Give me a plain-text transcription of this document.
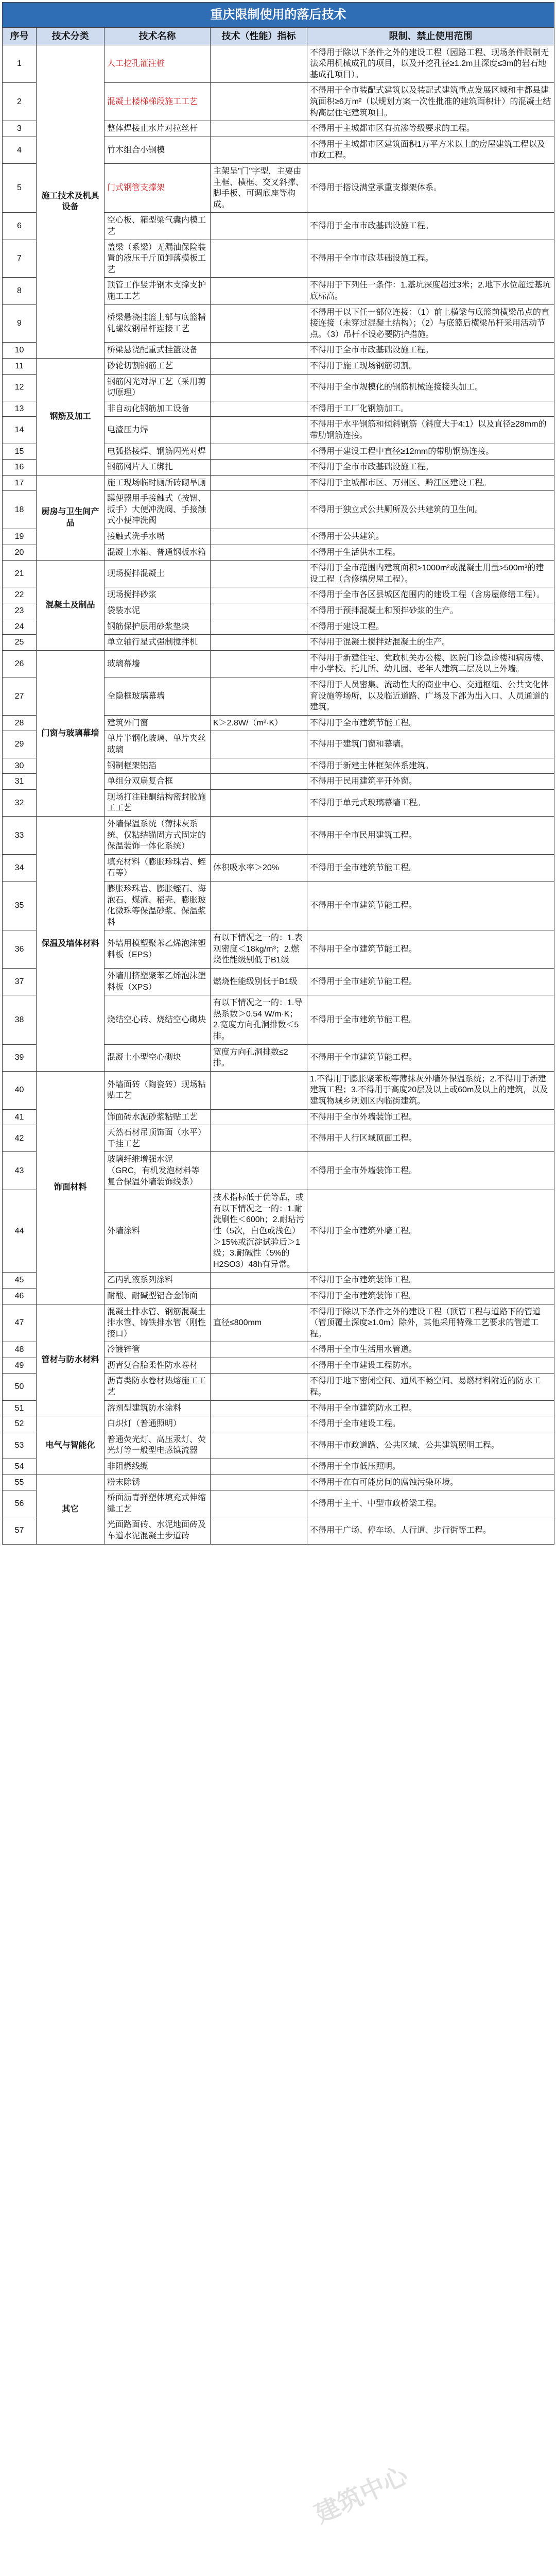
重庆限制使用的落后技术				
序号	技术分类	技术名称	技术（性能）指标	限制、禁止使用范围
1	施工技术及机具设备	人工挖孔灌注桩		不得用于除以下条件之外的建设工程（园路工程、现场条件限制无法采用机械成孔的项目，以及开挖孔径≥1.2m且深度≤3m的岩石地基成孔项目）。
2		混凝土楼梯梯段施工工艺		不得用于全市装配式建筑以及装配式建筑重点发展区域和丰都县建筑面积≥6万m²（以规划方案一次性批准的建筑面积计）的混凝土结构高层住宅建筑项目。
3		整体焊接止水片对拉丝杆		不得用于主城都市区有抗渗等级要求的工程。
4		竹木组合小钢模		不得用于主城都市区建筑面积1万平方米以上的房屋建筑工程以及市政工程。
5		门式钢管支撑架	主架呈"门"字型，主要由主框、横框、交叉斜撑、脚手板、可调底座等构成。	不得用于搭设满堂承重支撑架体系。
6		空心板、箱型梁气囊内模工艺		不得用于全市市政基础设施工程。
7		盖梁（系梁）无漏油保险装置的液压千斤顶卸落模板工艺		不得用于全市市政基础设施工程。
8		顶管工作竖井钢木支撑支护施工工艺		不得用于下列任一条件：1.基坑深度超过3米；2.地下水位超过基坑底标高。
9		桥梁悬浇挂篮上部与底篮精轧螺纹钢吊杆连接工艺		不得用于以下任一部位连接：（1）前上横梁与底篮前横梁吊点的直接连接（未穿过混凝土结构）；（2）与底篮后横梁吊杆采用活动节点。（3）吊杆不设必要防护措施。
10		桥梁悬浇配重式挂篮设备		不得用于全市市政基础设施工程。
11	钢筋及加工	砂轮切割钢筋工艺		不得用于施工现场钢筋切割。
12		钢筋闪光对焊工艺（采用剪切原理）		不得用于全市规模化的钢筋机械连接接头加工。
13		非自动化钢筋加工设备		不得用于工厂化钢筋加工。
14		电渣压力焊		不得用于水平钢筋和倾斜钢筋（斜度大于4:1）以及直径≥28mm的带肋钢筋连接。
15		电弧搭接焊、钢筋闪光对焊		不得用于建设工程中直径≥12mm的带肋钢筋连接。
16		钢筋网片人工绑扎		不得用于全市市政基础设施工程。
17	厨房与卫生间产品	施工现场临时厕所砖砌旱厕		不得用于主城都市区、万州区、黔江区建设工程。
18		蹲便器用手接触式（按钮、扳手）大便冲洗阀、手接触式小便冲洗阀		不得用于独立式公共厕所及公共建筑的卫生间。
19		接触式洗手水嘴		不得用于公共建筑。
20		混凝土水箱、普通钢板水箱		不得用于生活供水工程。
21	混凝土及制品	现场搅拌混凝土		不得用于全市范围内建筑面积>1000m²或混凝土用量>500m³的建设工程（含修缮房屋工程）。
22		现场搅拌砂浆		不得用于全市各区县城区范围内的建设工程（含房屋修缮工程）。
23		袋装水泥		不得用于预拌混凝土和预拌砂浆的生产。
24		钢筋保护层用砂浆垫块		不得用于建设工程。
25		单立轴行星式强制搅拌机		不得用于混凝土搅拌站混凝土的生产。
26	门窗与玻璃幕墙	玻璃幕墙		不得用于新建住宅、党政机关办公楼、医院门诊急诊楼和病房楼、中小学校、托儿所、幼儿园、老年人建筑二层及以上外墙。
27		全隐框玻璃幕墙		不得用于人员密集、流动性大的商业中心、交通枢纽、公共文化体育设施等场所，以及临近道路、广场及下部为出入口、人员通道的建筑。
28		建筑外门窗	K＞2.8W/（m²·K）	不得用于全市建筑节能工程。
29		单片半钢化玻璃、单片夹丝玻璃		不得用于建筑门窗和幕墙。
30		钢制框架铝箔		不得用于新建主体框架体系建筑。
31		单组分双扇复合框		不得用于民用建筑平开外窗。
32		现场打注硅酮结构密封胶施工工艺		不得用于单元式玻璃幕墙工程。
33	保温及墙体材料	外墙保温系统（薄抹灰系统、仅粘结锚固方式固定的保温装饰一体化系统）		不得用于全市民用建筑工程。
34		填充材料（膨胀珍珠岩、蛭石等）	体积吸水率＞20%	不得用于全市建筑节能工程。
35		膨胀珍珠岩、膨胀蛭石、海泡石、煤渣、稻壳、膨胀玻化微珠等保温砂浆、保温浆料		不得用于全市建筑节能工程。
36		外墙用模塑聚苯乙烯泡沫塑料板（EPS）	有以下情况之一的：1.表观密度＜18kg/m³；2.燃烧性能级别低于B1级	不得用于全市建筑节能工程。
37		外墙用挤塑聚苯乙烯泡沫塑料板（XPS）	燃烧性能级别低于B1级	不得用于全市建筑节能工程。
38		烧结空心砖、烧结空心砌块	有以下情况之一的：1.导热系数＞0.54 W/m·K；2.宽度方向孔洞排数＜5排。	不得用于全市建筑节能工程。
39		混凝土小型空心砌块	宽度方向孔洞排数≤2排。	不得用于全市建筑节能工程。
40	饰面材料	外墙面砖（陶瓷砖）现场粘贴工艺		1.不得用于膨胀聚苯板等薄抹灰外墙外保温系统；2.不得用于新建建筑工程；3.不得用于高度20层及以上或60m及以上的建筑，以及建筑物城乡规划区内临街建筑。
41		饰面砖水泥砂浆粘贴工艺		不得用于全市外墙装饰工程。
42		天然石材吊顶饰面（水平）干挂工艺		不得用于人行区域顶面工程。
43		玻璃纤维增强水泥（GRC，有机发泡材料等复合保温外墙装饰线条）		不得用于全市外墙装饰工程。
44		外墙涂料	技术指标低于优等品，或有以下情况之一的：1.耐洗刷性＜600h；2.耐玷污性（5次，白色或浅色）＞15%或沉淀试验后＞1级；3.耐碱性（5%的H2SO3）48h有异常。	不得用于全市建筑外墙工程。
45		乙丙乳液系列涂料		不得用于全市建筑装饰工程。
46		耐酸、耐碱型铝合金饰面		不得用于全市建筑装饰工程。
47	管材与防水材料	混凝土排水管、钢筋混凝土排水管、铸铁排水管（刚性接口）	直径≤800mm	不得用于除以下条件之外的建设工程（顶管工程与道路下的管道（管顶覆土深度≥1.0m）除外，其他采用特殊工艺要求的管道工程。
48		冷镀锌管		不得用于全市生活用水管道。
49		沥青复合胎柔性防水卷材		不得用于全市建设工程防水。
50		沥青类防水卷材热熔施工工艺		不得用于地下密闭空间、通风不畅空间、易燃材料附近的防水工程。
51		溶剂型建筑防水涂料		不得用于全市建筑防水工程。
52	电气与智能化	白炽灯（普通照明）		不得用于全市建设工程。
53		普通荧光灯、高压汞灯、荧光灯等一般型电感镇流器		不得用于市政道路、公共区域、公共建筑照明工程。
54		非阻燃线缆		不得用于全市低压照明。
55	其它	粉末除锈		不得用于在有可能房间的腐蚀污染环境。
56		桥面沥青弹塑体填充式伸缩缝工艺		不得用于主干、中型市政桥梁工程。
57		光面路面砖、水泥地面砖及车道水泥混凝土步道砖		不得用于广场、停车场、人行道、步行街等工程。
建筑中心
